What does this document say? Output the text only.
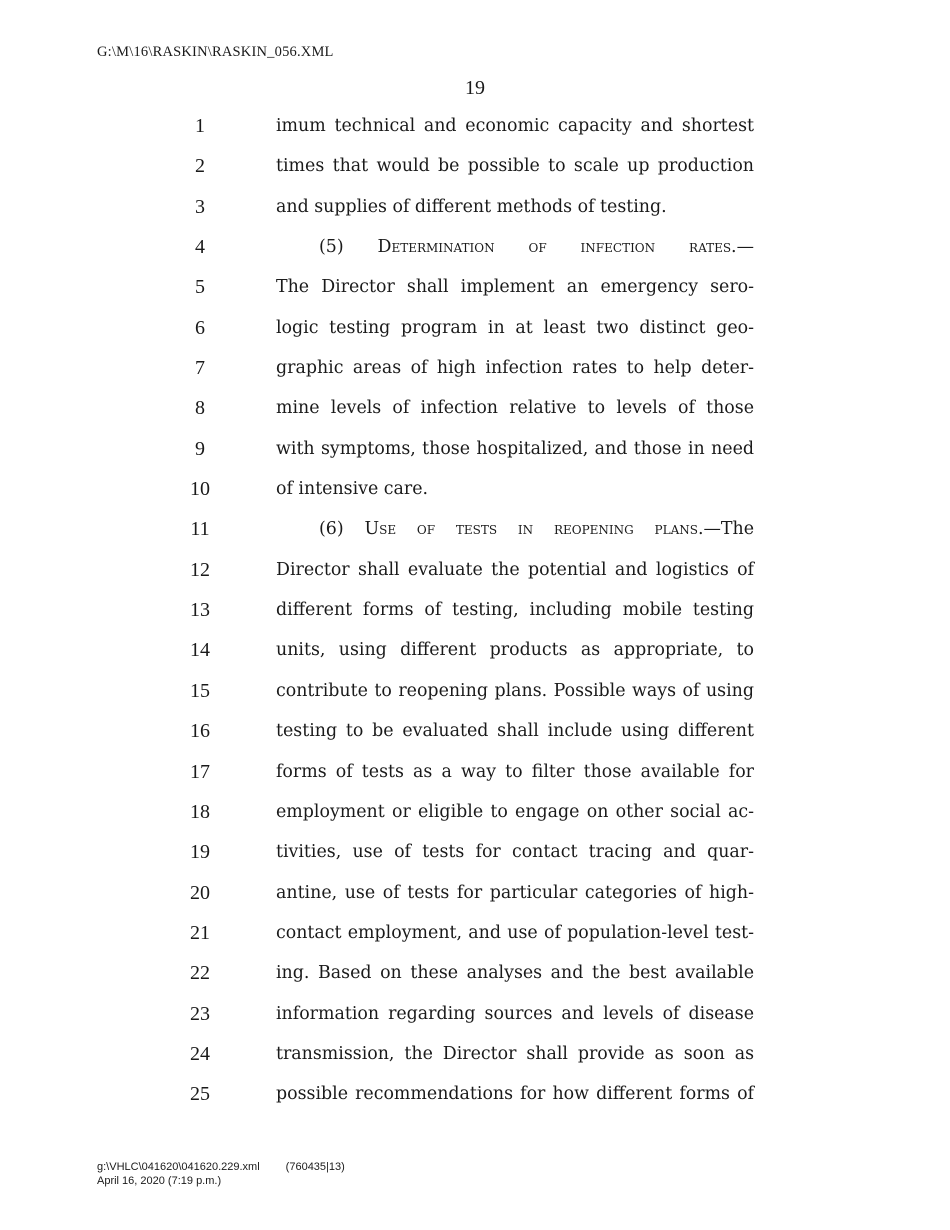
G:\M\16\RASKIN\RASKIN_056.XML
19
1	imum technical and economic capacity and shortest
2	times that would be possible to scale up production
3	and supplies of different methods of testing.
4	(5) Determination of infection rates.—
5	The Director shall implement an emergency sero-
6	logic testing program in at least two distinct geo-
7	graphic areas of high infection rates to help deter-
8	mine levels of infection relative to levels of those
9	with symptoms, those hospitalized, and those in need
10	of intensive care.
11	(6) Use of tests in reopening plans.—The
12	Director shall evaluate the potential and logistics of
13	different forms of testing, including mobile testing
14	units, using different products as appropriate, to
15	contribute to reopening plans. Possible ways of using
16	testing to be evaluated shall include using different
17	forms of tests as a way to filter those available for
18	employment or eligible to engage on other social ac-
19	tivities, use of tests for contact tracing and quar-
20	antine, use of tests for particular categories of high-
21	contact employment, and use of population-level test-
22	ing. Based on these analyses and the best available
23	information regarding sources and levels of disease
24	transmission, the Director shall provide as soon as
25	possible recommendations for how different forms of
g:\VHLC\041620\041620.229.xml (760435|13)
April 16, 2020 (7:19 p.m.)
